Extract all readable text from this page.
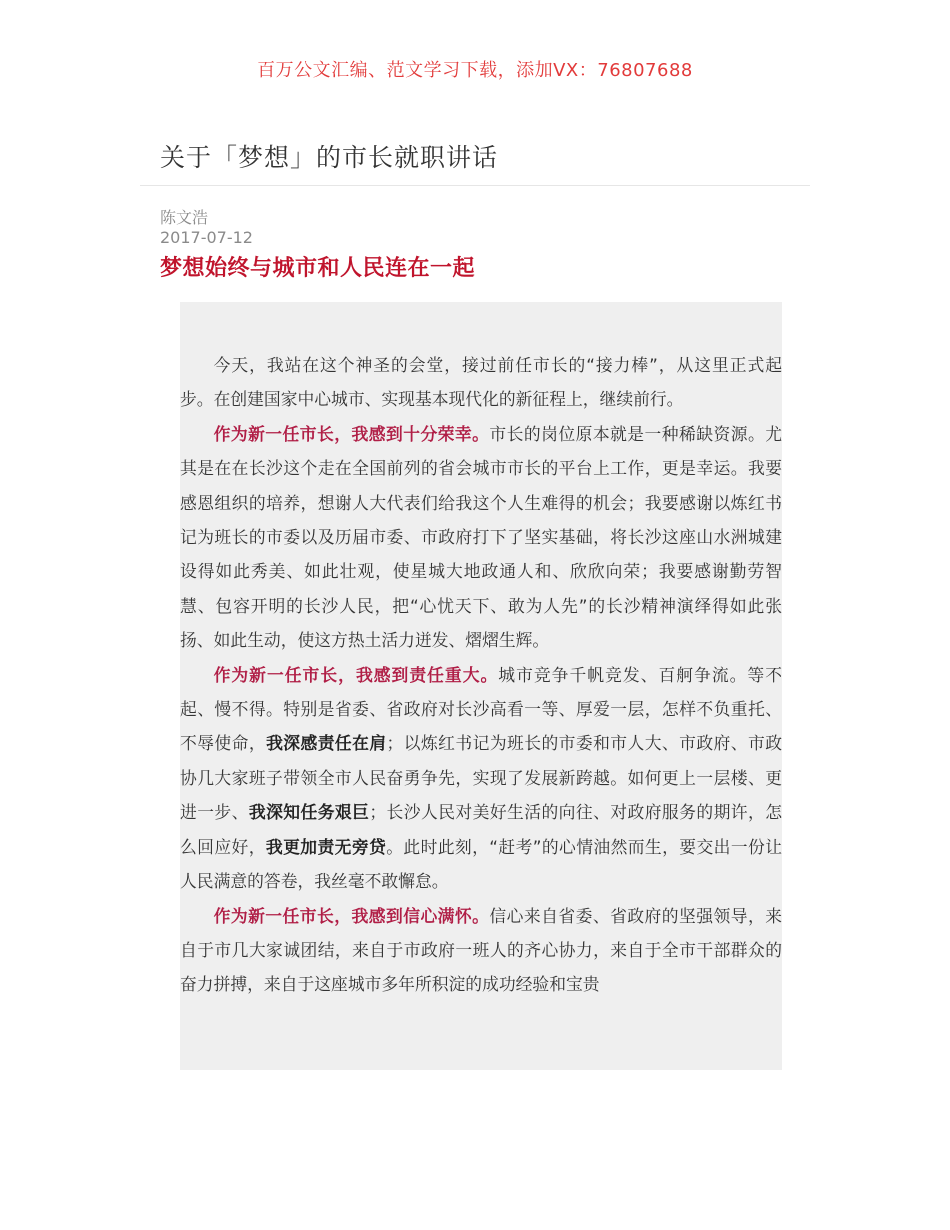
百万公文汇编、范文学习下载，添加VX：76807688
关于「梦想」的市长就职讲话
陈文浩
2017-07-12
梦想始终与城市和人民连在一起

今天，我站在这个神圣的会堂，接过前任市长的“接力棒”，从这里正式起步。在创建国家中心城市、实现基本现代化的新征程上，继续前行。

作为新一任市长，我感到十分荣幸。市长的岗位原本就是一种稀缺资源。尤其是在在长沙这个走在全国前列的省会城市市长的平台上工作，更是幸运。我要感恩组织的培养，想谢人大代表们给我这个人生难得的机会；我要感谢以炼红书记为班长的市委以及历届市委、市政府打下了坚实基础，将长沙这座山水洲城建设得如此秀美、如此壮观，使星城大地政通人和、欣欣向荣；我要感谢勤劳智慧、包容开明的长沙人民，把“心忧天下、敢为人先”的长沙精神演绎得如此张扬、如此生动，使这方热土活力迸发、熠熠生辉。

作为新一任市长，我感到责任重大。城市竞争千帆竞发、百舸争流。等不起、慢不得。特别是省委、省政府对长沙高看一等、厚爱一层，怎样不负重托、不辱使命，我深感责任在肩；以炼红书记为班长的市委和市人大、市政府、市政协几大家班子带领全市人民奋勇争先，实现了发展新跨越。如何更上一层楼、更进一步、我深知任务艰巨；长沙人民对美好生活的向往、对政府服务的期许，怎么回应好，我更加责无旁贷。此时此刻，“赶考”的心情油然而生，要交出一份让人民满意的答卷，我丝毫不敢懈怠。

作为新一任市长，我感到信心满怀。信心来自省委、省政府的坚强领导，来自于市几大家诚团结，来自于市政府一班人的齐心协力，来自于全市干部群众的奋力拼搏，来自于这座城市多年所积淀的成功经验和宝贵
